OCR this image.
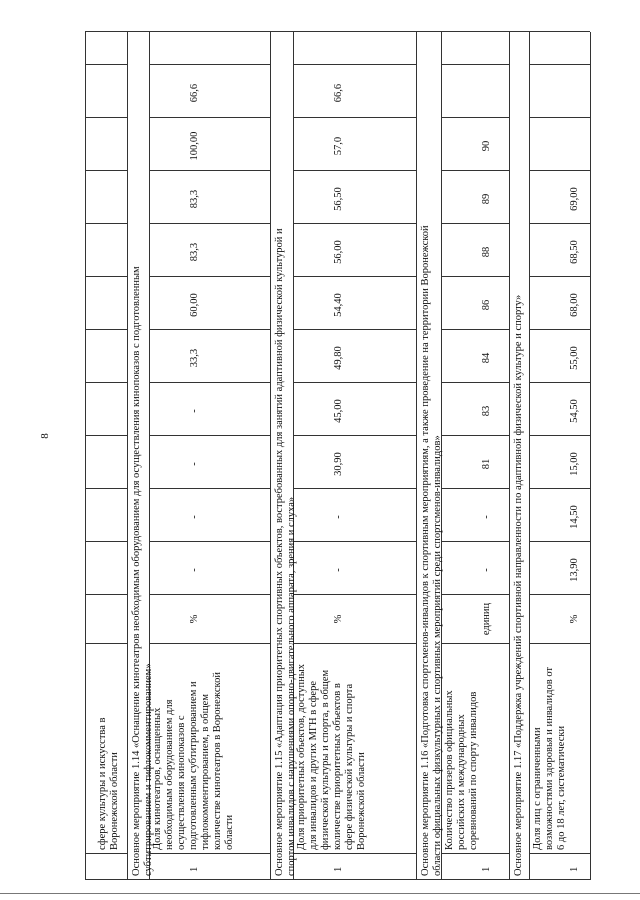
8
сфере культуры и искусства в
Воронежской области
Основное мероприятие 1.14 «Оснащение кинотеатров необходимым оборудованием для осуществления кинопоказов с подготовленным
субтитрированием и тифлокомментированием»
1
Доля кинотеатров, оснащенных
необходимым оборудованием для
осуществления кинопоказов с
подготовленным субтитрированием и
тифлокомментированием, в общем
количестве кинотеатров в Воронежской
области
%
-
-
-
-
33,3
60,00
83,3
83,3
100,00
66,6
Основное мероприятие 1.15 «Адаптация приоритетных спортивных объектов, востребованных для занятий адаптивной физической культурой и
спортом инвалидов с нарушениями опорно-двигательного аппарата, зрения и слуха»
1
Доля приоритетных объектов, доступных
для инвалидов и других МГН в сфере
физической культуры и спорта, в общем
количестве приоритетных объектов в
сфере физической культуры и спорта
Воронежской области
%
-
-
30,90
45,00
49,80
54,40
56,00
56,50
57,0
66,6
Основное мероприятие 1.16 «Подготовка спортсменов-инвалидов к спортивным мероприятиям, а также проведение на территории Воронежской
области официальных физкультурных и спортивных мероприятий среди спортсменов-инвалидов»
1
Количество призеров официальных
российских и международных
соревнований по спорту инвалидов
единиц
-
-
81
83
84
86
88
89
90
Основное мероприятие 1.17 «Поддержка учреждений спортивной направленности по адаптивной физической культуре и спорту»	1
Доля лиц с ограниченными
возможностями здоровья и инвалидов от
6 до 18 лет, систематически
%
13,90
14,50
15,00
54,50
55,00
68,00
68,50
69,00
